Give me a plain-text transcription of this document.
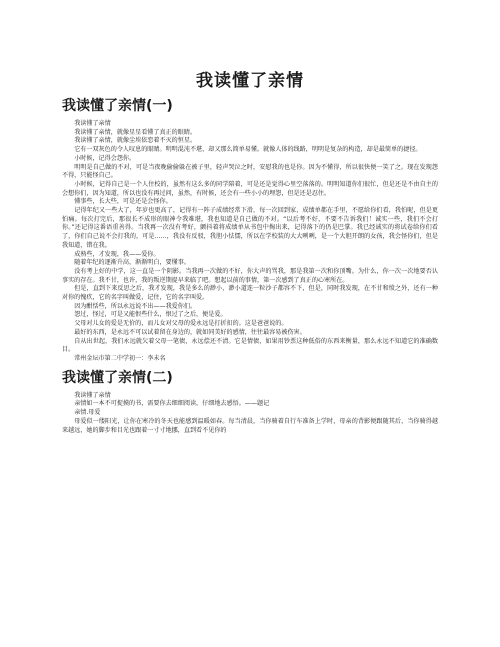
我读懂了亲情
我读懂了亲情(一)

我读懂了亲情

我读懂了亲情，就像星星看懂了真正的眼睛。

我读懂了亲情，就像尘埃依恋着不灭的恒星。

它有一双灰色的令人叹息的眼睛。明明混沌不堪，却又那么简单易懂。就像人体的线路，明明是复杂的构造，却是最简单的捷径。

小时候，记得会怨你。

明明是自己做的不对，可是当夜晚偷偷躲在被子里，轻声哭泣之时，安慰我的也是你。因为不懂得，所以很快便一笑了之。现在发现怨不得，只能怪自己。

小时候，记得自己是一个人住校的，虽然有这么多的同学陪着，可是还是觉得心里空落落的。明明知道你们很忙，但是还是不由自主的会想你们，因为知道，所以也没有再过问，虽然，有时候，还会有一些小小的埋怨，但是还是忍住。

懂事些，长大些，可是还是会怪你。

记得年纪又一些大了，年岁也更高了，记得有一阵子成绩经常下滑，每一次回到家，成绩单都在手里，不愿给你们看，我怕呢，但是更怕痛。每次打完后，那很长不成形的眼神令我难堪，我也知道是自己做的不对。“以后考不好，不要不告诉我们！诚实一些，我们不会打你。”还记得这番语重善得。当我再一次没有考好，颤抖着将成绩单从书包中掏出来，记得落下的仍是巴掌。我已经诚实的将试卷给你们看了，你们自己说不会打我的，可是……，我没有反驳，我胆小怯懦，所以在学校装的大大咧咧，是一个大胆开朗的女孩，我会怪你们，但是我知道，错在我。

成熟些，才发现，我——爱你。

随着年纪的逐渐升高，渐渐明白，要懂事。

没有考上好的中学，这一直是一个阴影。当我再一次做的不好，你大声的骂我，那是我第一次和你顶嘴。为什么，你一次一次地要否认事实的存在。我不甘，也许，我的叛逆期提早来临了吧。想起以前的事情，第一次感到了真正的心寒所在。

但是，直到下来反思之后，我才发现，我是多么的渺小，渺小道连一粒沙子都容不下，但是，同时我发现，在不甘和愤之外，还有一种对你的愧疚，它的名字叫做爱，记住，它的名字叫爱。

因为酣恬些，所以永远说不出——我爱你们。

怨过，怪过，可是又能恨些什么，恨过了之后，便是爱。

父母对儿女的爱是无价的，而儿女对父母的爱永远是打折扣的。这是爸爸说的。

最好的东西，是永远不可以试着留在身边的，就如同美好的感情，往往最容易被伤害。

自从出世起，我们永远就欠着父母一笔债，永远偿还不清。它是情债，如果用钞票这种低俗的东西来衡量，那么永远不知道它的准确数目。

常州金坛市第二中学初一：李未名

我读懂了亲情(二)

我读懂了亲情

亲情如一本不可捉摸的书，需要你去细细阅读，仔细地去感悟。——题记

亲情.母爱

母爱似一缕阳光，让你在寒冷的冬天也能感到温暖如春。每当清晨，当你骑着自行车准备上学时，母亲的背影便跟随其后，当你骑得越来越远，她的脚步和目光也跟着一寸寸地挪，直到看不见你的
